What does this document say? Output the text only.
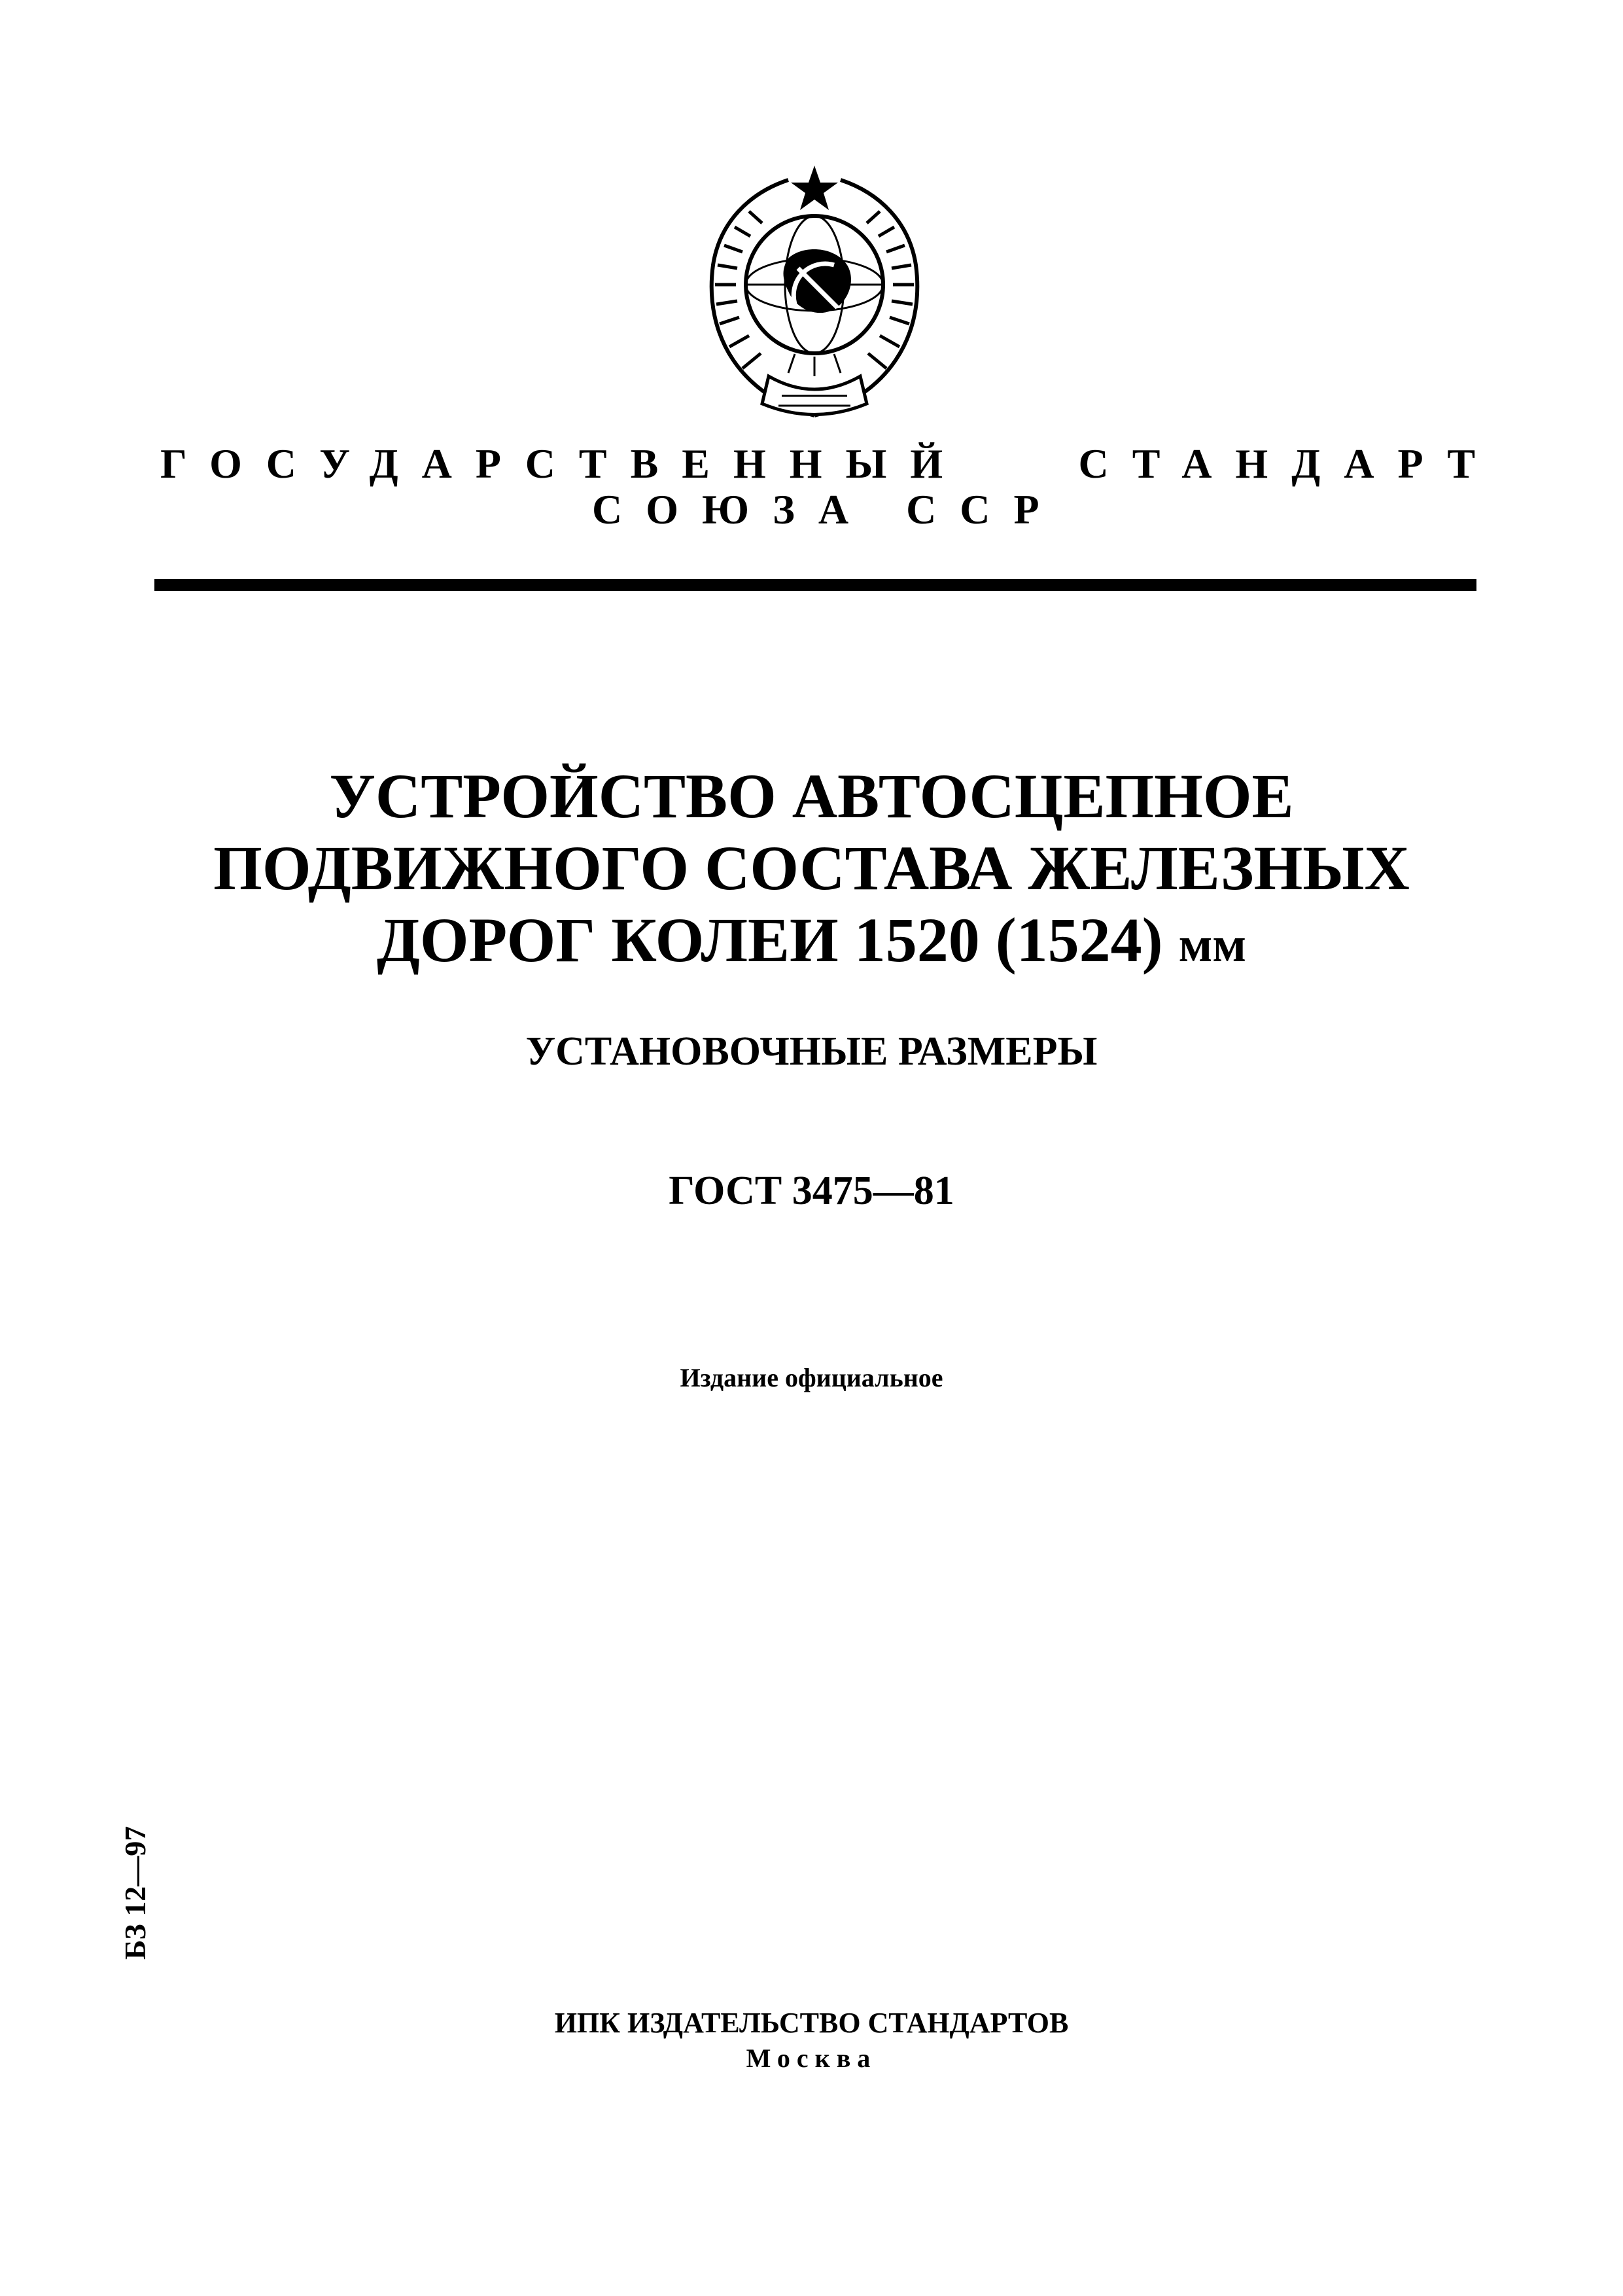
ГОСУДАРСТВЕННЫЙ	СТАНДАРТ
СОЮЗА ССР
УСТРОЙСТВО АВТОСЦЕПНОЕ
ПОДВИЖНОГО СОСТАВА ЖЕЛЕЗНЫХ
ДОРОГ КОЛЕИ 1520 (1524) мм
УСТАНОВОЧНЫЕ РАЗМЕРЫ
ГОСТ 3475—81
Издание официальное
БЗ 12—97
ИПК ИЗДАТЕЛЬСТВО СТАНДАРТОВ
Москва
